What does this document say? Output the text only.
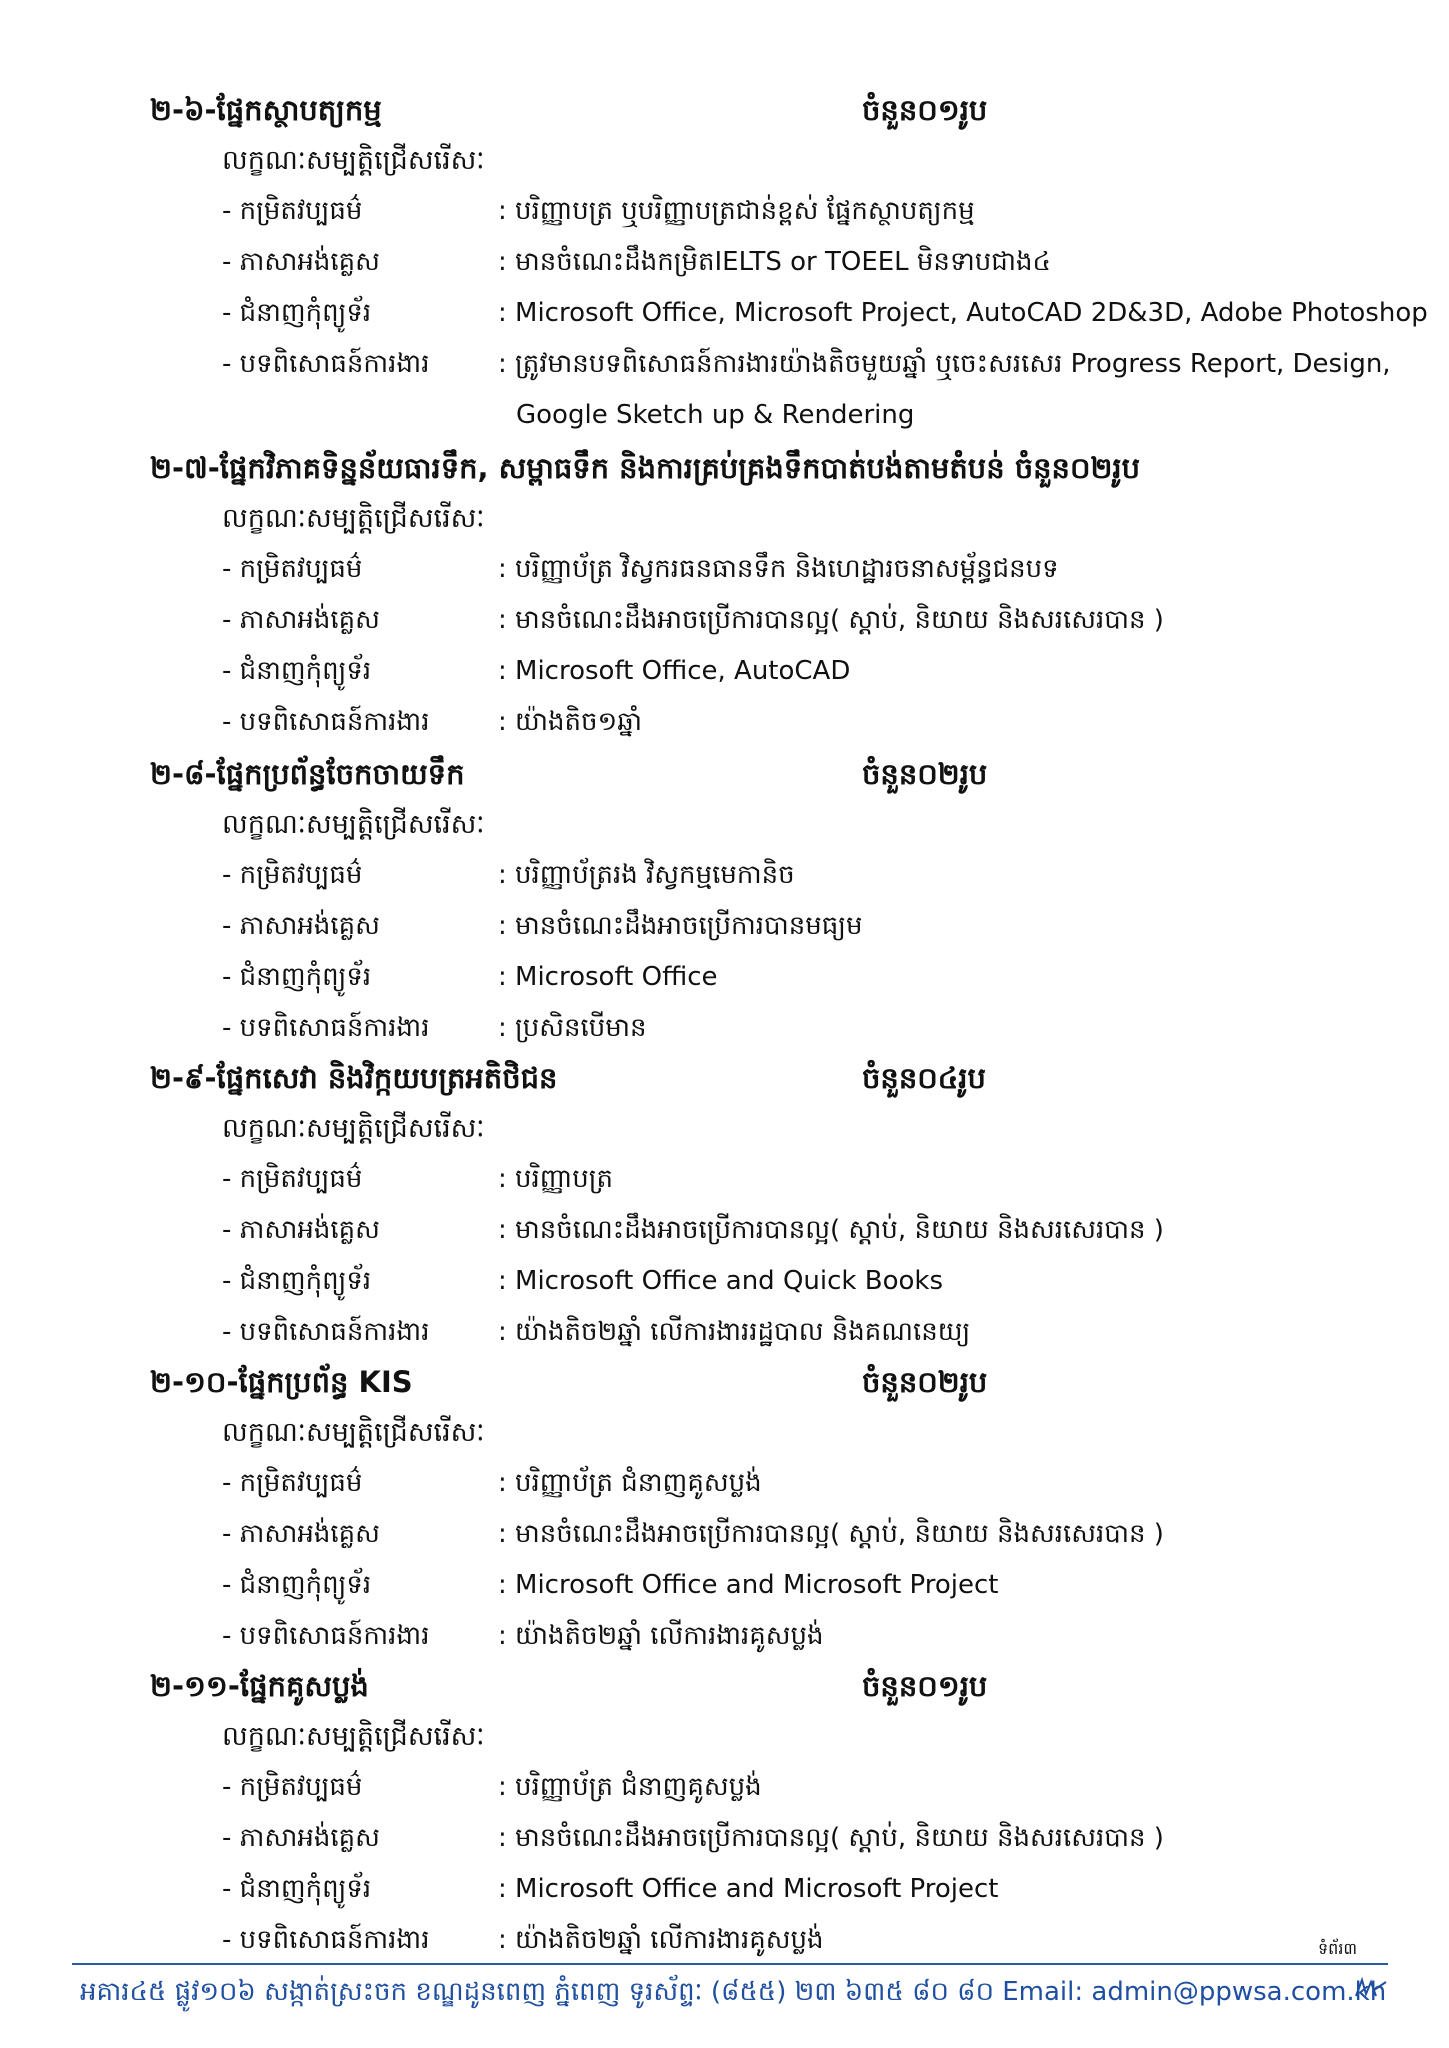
២-៦-ផ្នែកស្ថាបត្យកម្ម	ចំនួន០១រូប
លក្ខណៈសម្បត្តិជ្រើសរើសៈ
- កម្រិតវប្បធម៌	: បរិញ្ញាបត្រ ឬបរិញ្ញាបត្រជាន់ខ្ពស់ ផ្នែកស្ថាបត្យកម្ម
- ភាសាអង់គ្លេស	: មានចំណេះដឹងកម្រិតIELTS or TOEEL មិនទាបជាង៤
- ជំនាញកុំព្យូទ័រ	: Microsoft Office, Microsoft Project, AutoCAD 2D&3D, Adobe Photoshop
- បទពិសោធន៍ការងារ	: ត្រូវមានបទពិសោធន៍ការងារយ៉ាងតិចមួយឆ្នាំ ឬចេះសរសេរ Progress Report, Design,
Google Sketch up & Rendering
២-៧-ផ្នែកវិភាគទិន្នន័យធារទឹក, សម្ពាធទឹក និងការគ្រប់គ្រងទឹកបាត់បង់តាមតំបន់ ចំនួន០២រូប
លក្ខណៈសម្បត្តិជ្រើសរើសៈ
- កម្រិតវប្បធម៌	: បរិញ្ញាប័ត្រ វិស្វករធនធានទឹក និងហេដ្ឋារចនាសម្ព័ន្ធជនបទ
- ភាសាអង់គ្លេស	: មានចំណេះដឹងអាចប្រើការបានល្អ( ស្តាប់, និយាយ និងសរសេរបាន )
- ជំនាញកុំព្យូទ័រ	: Microsoft Office, AutoCAD
- បទពិសោធន៍ការងារ	: យ៉ាងតិច១ឆ្នាំ
២-៨-ផ្នែកប្រព័ន្ធចែកចាយទឹក	ចំនួន០២រូប
លក្ខណៈសម្បត្តិជ្រើសរើសៈ
- កម្រិតវប្បធម៌	: បរិញ្ញាប័ត្ររង វិស្វកម្មមេកានិច
- ភាសាអង់គ្លេស	: មានចំណេះដឹងអាចប្រើការបានមធ្យម
- ជំនាញកុំព្យូទ័រ	: Microsoft Office
- បទពិសោធន៍ការងារ	: ប្រសិនបើមាន
២-៩-ផ្នែកសេវា និងវិក្កយបត្រអតិថិជន	ចំនួន០៤រូប
លក្ខណៈសម្បត្តិជ្រើសរើសៈ
- កម្រិតវប្បធម៌	: បរិញ្ញាបត្រ
- ភាសាអង់គ្លេស	: មានចំណេះដឹងអាចប្រើការបានល្អ( ស្តាប់, និយាយ និងសរសេរបាន )
- ជំនាញកុំព្យូទ័រ	: Microsoft Office and Quick Books
- បទពិសោធន៍ការងារ	: យ៉ាងតិច២ឆ្នាំ លើការងាររដ្ឋបាល និងគណនេយ្យ
២-១០-ផ្នែកប្រព័ន្ធ KIS	ចំនួន០២រូប
លក្ខណៈសម្បត្តិជ្រើសរើសៈ
- កម្រិតវប្បធម៌	: បរិញ្ញាប័ត្រ ជំនាញគូសប្លង់
- ភាសាអង់គ្លេស	: មានចំណេះដឹងអាចប្រើការបានល្អ( ស្តាប់, និយាយ និងសរសេរបាន )
- ជំនាញកុំព្យូទ័រ	: Microsoft Office and Microsoft Project
- បទពិសោធន៍ការងារ	: យ៉ាងតិច២ឆ្នាំ លើការងារគូសប្លង់
២-១១-ផ្នែកគូសប្លង់	ចំនួន០១រូប
លក្ខណៈសម្បត្តិជ្រើសរើសៈ
- កម្រិតវប្បធម៌	: បរិញ្ញាប័ត្រ ជំនាញគូសប្លង់
- ភាសាអង់គ្លេស	: មានចំណេះដឹងអាចប្រើការបានល្អ( ស្តាប់, និយាយ និងសរសេរបាន )
- ជំនាញកុំព្យូទ័រ	: Microsoft Office and Microsoft Project
- បទពិសោធន៍ការងារ	: យ៉ាងតិច២ឆ្នាំ លើការងារគូសប្លង់	ទំព័រ៣
អគារ៤៥ ផ្លូវ១០៦ សង្កាត់ស្រះចក ខណ្ឌដូនពេញ ភ្នំពេញ ទូរស័ព្ទៈ (៨៥៥) ២៣ ៦៣៥ ៨០ ៨០ Email: admin@ppwsa.com.kh
